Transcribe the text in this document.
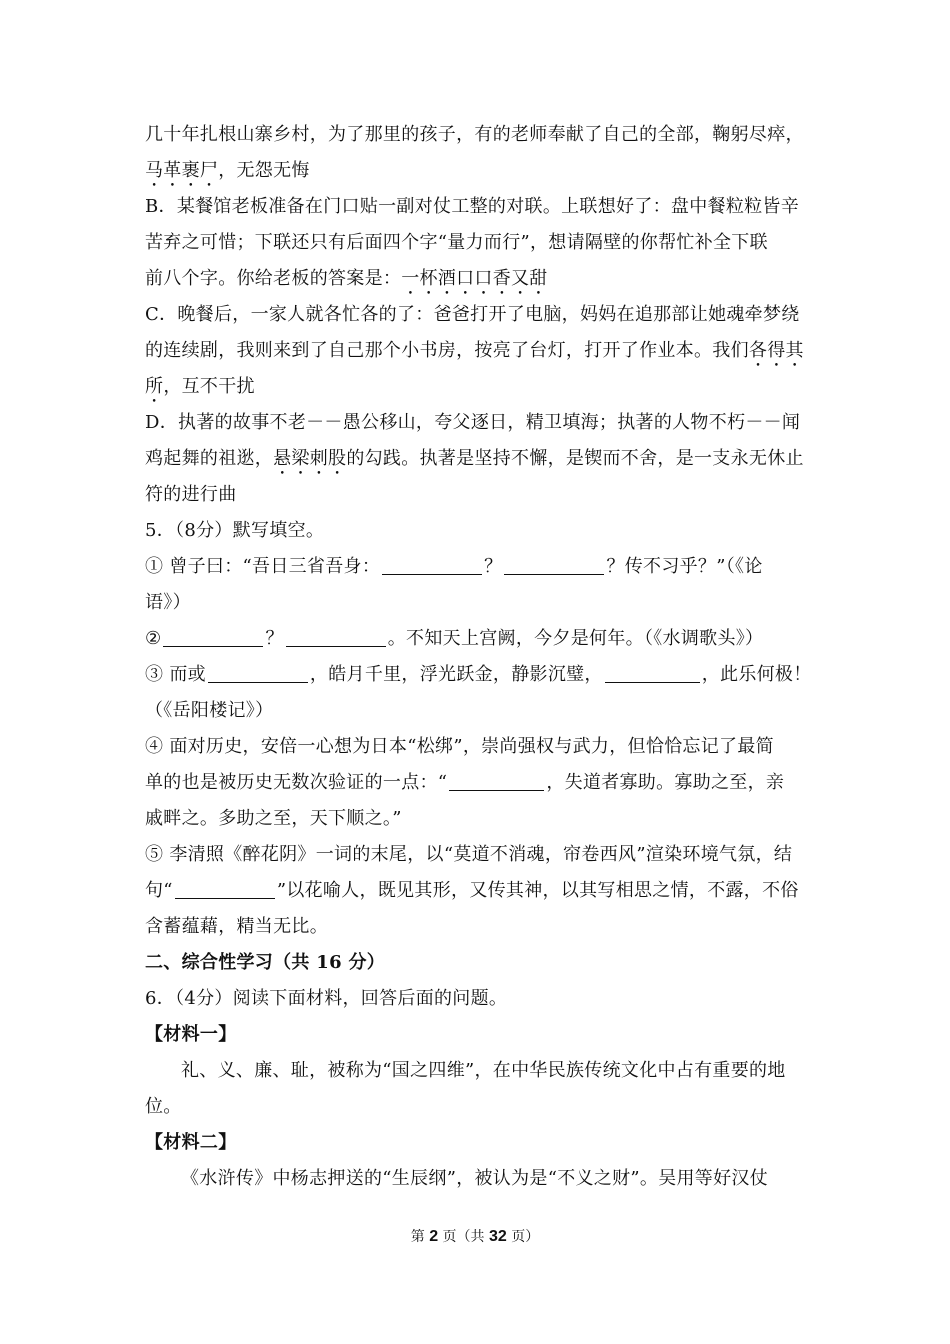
几十年扎根山寨乡村，为了那里的孩子，有的老师奉献了自己的全部，鞠躬尽瘁，
马革裹尸，无怨无悔
B．某餐馆老板准备在门口贴一副对仗工整的对联。上联想好了：盘中餐粒粒皆辛
苦弃之可惜；下联还只有后面四个字“量力而行”，想请隔壁的你帮忙补全下联
前八个字。你给老板的答案是：一杯酒口口香又甜
C．晚餐后，一家人就各忙各的了：爸爸打开了电脑，妈妈在追那部让她魂牵梦绕
的连续剧，我则来到了自己那个小书房，按亮了台灯，打开了作业本。我们各得其
所，互不干扰
D．执著的故事不老－－愚公移山，夸父逐日，精卫填海；执著的人物不朽－－闻
鸡起舞的祖逖，悬梁刺股的勾践。执著是坚持不懈，是锲而不舍，是一支永无休止
符的进行曲
5．（8分）默写填空。
① 曾子曰：“吾日三省吾身：	？	？传不习乎？”（《论
语》）
②	？	。不知天上宫阙，今夕是何年。（《水调歌头》）
③ 而或	，皓月千里，浮光跃金，静影沉璧，	，此乐何极！
（《岳阳楼记》）
④ 面对历史，安倍一心想为日本“松绑”，崇尚强权与武力，但恰恰忘记了最简
单的也是被历史无数次验证的一点：“	，失道者寡助。寡助之至，亲
戚畔之。多助之至，天下顺之。”
⑤ 李清照《醉花阴》一词的末尾，以“莫道不消魂，帘卷西风”渲染环境气氛，结
句“	”以花喻人，既见其形，又传其神，以其写相思之情，不露，不俗
含蓄蕴藉，精当无比。
二、综合性学习（共 16 分）
6．（4分）阅读下面材料，回答后面的问题。
【材料一】
礼、义、廉、耻，被称为“国之四维”，在中华民族传统文化中占有重要的地
位。
【材料二】
《水浒传》中杨志押送的“生辰纲”，被认为是“不义之财”。吴用等好汉仗
第 2 页（共 32 页）
